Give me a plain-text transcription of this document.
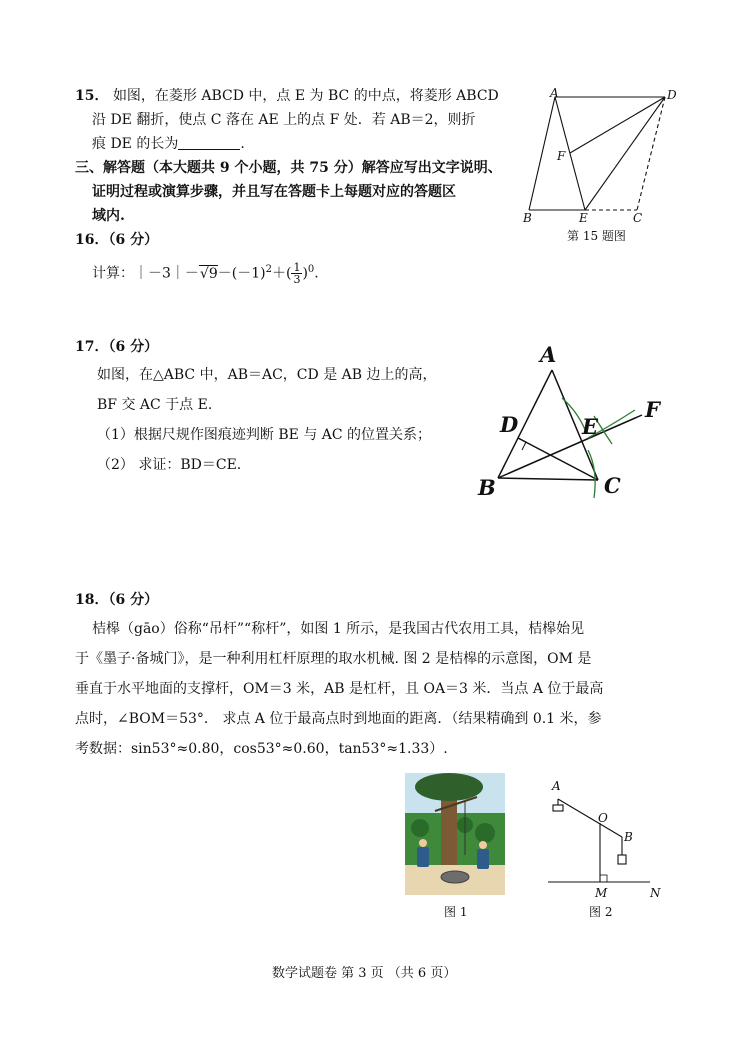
15． 如图，在菱形 ABCD 中，点 E 为 BC 的中点，将菱形 ABCD
沿 DE 翻折，使点 C 落在 AE 上的点 F 处．若 AB＝2，则折
痕 DE 的长为	.
A	D
F
B	E	C
第 15 题图
三、解答题（本大题共 9 个小题，共 75 分）解答应写出文字说明、
证明过程或演算步骤，并且写在答题卡上每题对应的答题区
域内.
16．（6 分）
计算：$|-3|-√9-(-1)^2+( \frac{1}{3} )^0$.
17．（6 分）
如图，在△ABC 中，AB＝AC，CD 是 AB 边上的高，
BF 交 AC 于点 E.
（1）根据尺规作图痕迹判断 BE 与 AC 的位置关系；
（2） 求证：BD＝CE.
A
D	E
F
B	C
18．（6 分）
桔槔（gāo）俗称“吊杆”“称杆”，如图 1 所示，是我国古代农用工具，桔槔始见
于《墨子·备城门》，是一种利用杠杆原理的取水机械. 图 2 是桔槔的示意图，OM 是
垂直于水平地面的支撑杆，OM＝3 米，AB 是杠杆，且 OA＝3 米．当点 A 位于最高
点时，∠BOM＝53°． 求点 A 位于最高点时到地面的距离．（结果精确到 0.1 米，参
考数据：sin53°≈0.80，cos53°≈0.60，tan53°≈1.33）.
图 1
A
O
B
M	N
图 2
数学试题卷 第 3 页 （共 6 页）
